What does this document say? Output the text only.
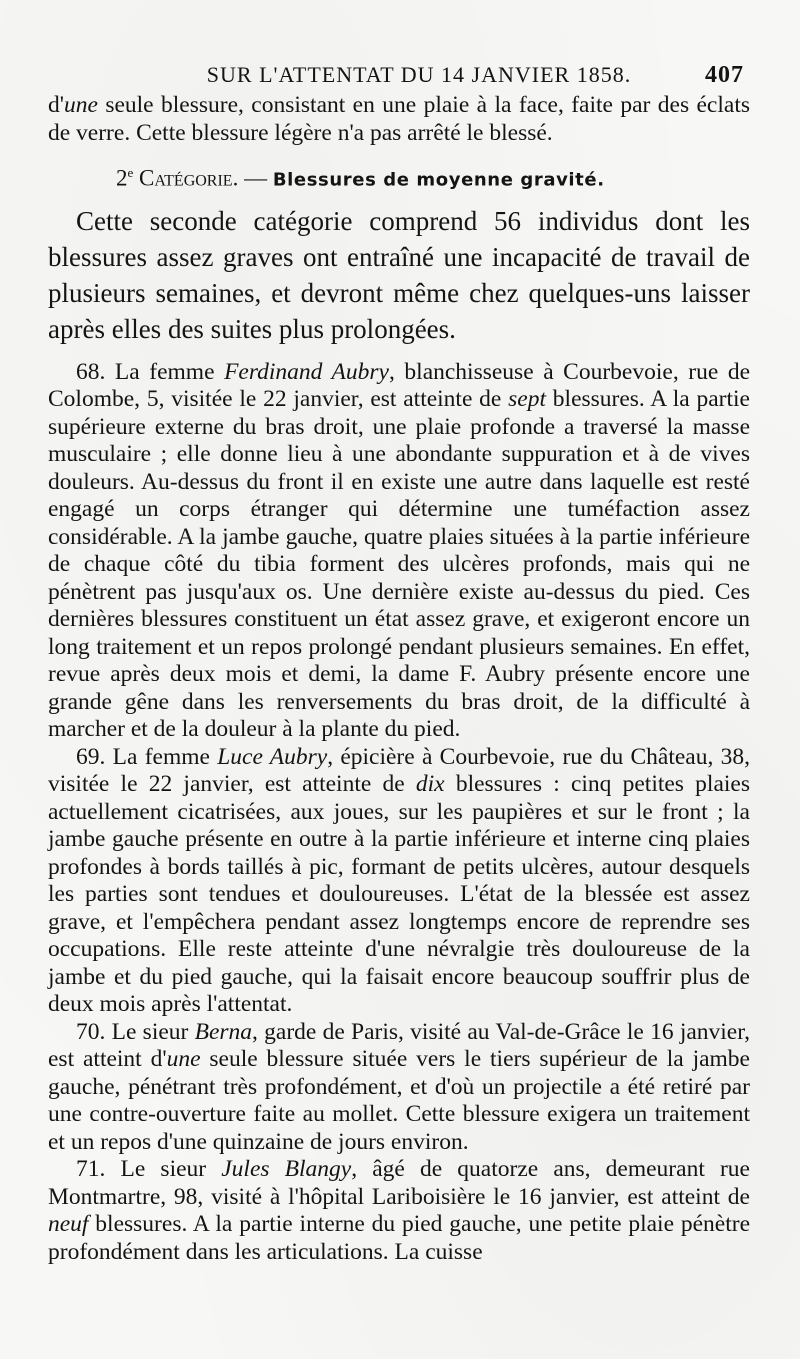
SUR L'ATTENTAT DU 14 JANVIER 1858.	407

d'une seule blessure, consistant en une plaie à la face, faite par des éclats de verre. Cette blessure légère n'a pas arrêté le blessé.

2e Catégorie. — Blessures de moyenne gravité.

Cette seconde catégorie comprend 56 individus dont les blessures assez graves ont entraîné une incapacité de travail de plusieurs semaines, et devront même chez quelques-uns laisser après elles des suites plus prolongées.

68. La femme Ferdinand Aubry, blanchisseuse à Courbevoie, rue de Colombe, 5, visitée le 22 janvier, est atteinte de sept blessures. A la partie supérieure externe du bras droit, une plaie profonde a traversé la masse musculaire ; elle donne lieu à une abondante suppuration et à de vives douleurs. Au-dessus du front il en existe une autre dans laquelle est resté engagé un corps étranger qui détermine une tuméfaction assez considérable. A la jambe gauche, quatre plaies situées à la partie inférieure de chaque côté du tibia forment des ulcères profonds, mais qui ne pénètrent pas jusqu'aux os. Une dernière existe au-dessus du pied. Ces dernières blessures constituent un état assez grave, et exigeront encore un long traitement et un repos prolongé pendant plusieurs semaines. En effet, revue après deux mois et demi, la dame F. Aubry présente encore une grande gêne dans les renversements du bras droit, de la difficulté à marcher et de la douleur à la plante du pied.

69. La femme Luce Aubry, épicière à Courbevoie, rue du Château, 38, visitée le 22 janvier, est atteinte de dix blessures : cinq petites plaies actuellement cicatrisées, aux joues, sur les paupières et sur le front ; la jambe gauche présente en outre à la partie inférieure et interne cinq plaies profondes à bords taillés à pic, formant de petits ulcères, autour desquels les parties sont tendues et douloureuses. L'état de la blessée est assez grave, et l'empêchera pendant assez longtemps encore de reprendre ses occupations. Elle reste atteinte d'une névralgie très douloureuse de la jambe et du pied gauche, qui la faisait encore beaucoup souffrir plus de deux mois après l'attentat.

70. Le sieur Berna, garde de Paris, visité au Val-de-Grâce le 16 janvier, est atteint d'une seule blessure située vers le tiers supérieur de la jambe gauche, pénétrant très profondément, et d'où un projectile a été retiré par une contre-ouverture faite au mollet. Cette blessure exigera un traitement et un repos d'une quinzaine de jours environ.

71. Le sieur Jules Blangy, âgé de quatorze ans, demeurant rue Montmartre, 98, visité à l'hôpital Lariboisière le 16 janvier, est atteint de neuf blessures. A la partie interne du pied gauche, une petite plaie pénètre profondément dans les articulations. La cuisse
